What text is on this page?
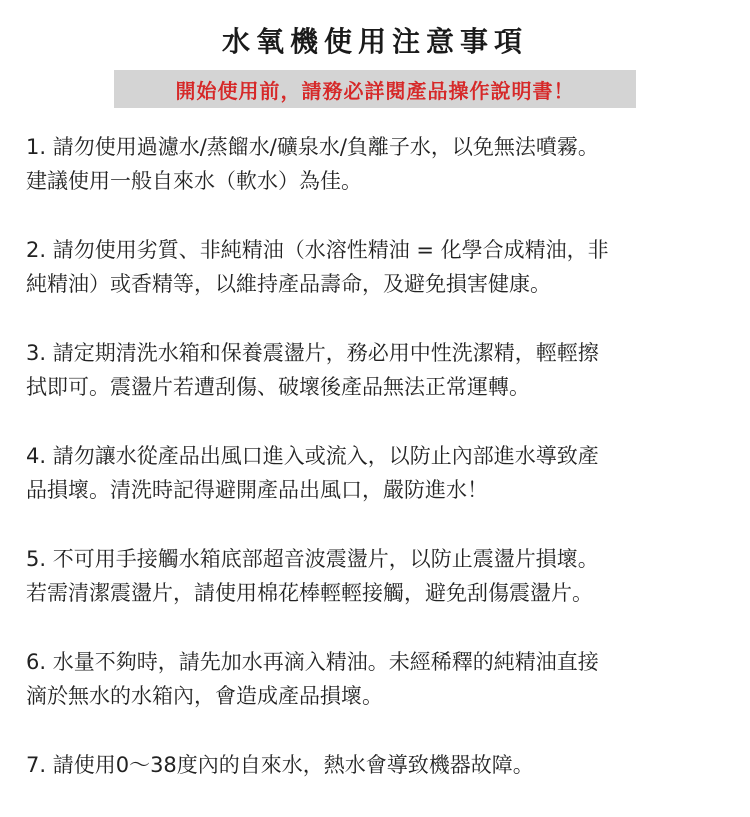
水氧機使用注意事項
開始使用前，請務必詳閱產品操作說明書！
1. 請勿使用過濾水/蒸餾水/礦泉水/負離子水，以免無法噴霧。
建議使用一般自來水（軟水）為佳。
2. 請勿使用劣質、非純精油（水溶性精油 = 化學合成精油，非
純精油）或香精等，以維持產品壽命，及避免損害健康。
3. 請定期清洗水箱和保養震盪片，務必用中性洗潔精，輕輕擦
拭即可。震盪片若遭刮傷、破壞後產品無法正常運轉。
4. 請勿讓水從產品出風口進入或流入，以防止內部進水導致產
品損壞。清洗時記得避開產品出風口，嚴防進水！
5. 不可用手接觸水箱底部超音波震盪片，以防止震盪片損壞。
若需清潔震盪片，請使用棉花棒輕輕接觸，避免刮傷震盪片。
6. 水量不夠時，請先加水再滴入精油。未經稀釋的純精油直接
滴於無水的水箱內，會造成產品損壞。
7. 請使用0～38度內的自來水，熱水會導致機器故障。
